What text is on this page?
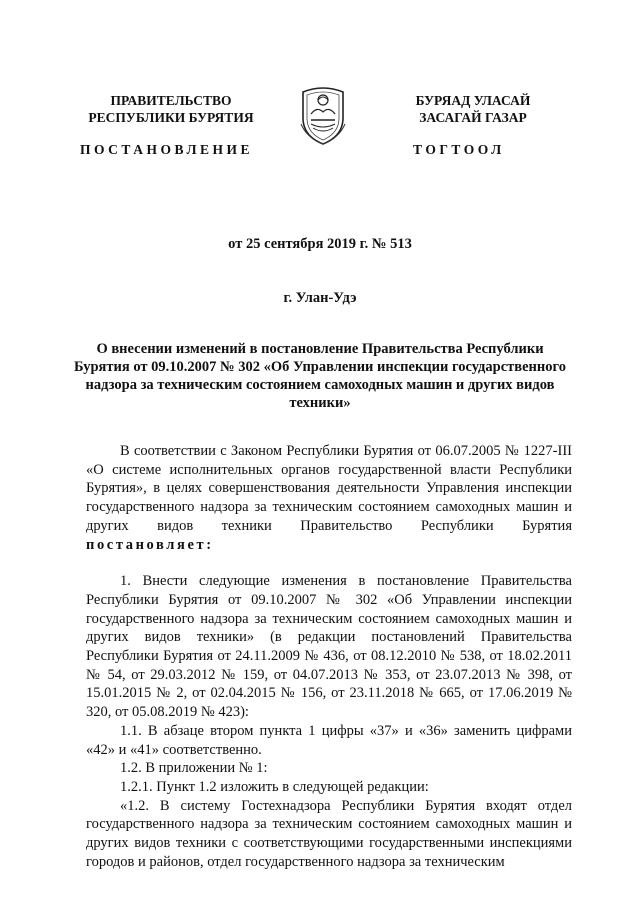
ПРАВИТЕЛЬСТВО
РЕСПУБЛИКИ БУРЯТИЯ
БУРЯАД УЛАСАЙ
ЗАСАГАЙ ГАЗАР
ПОСТАНОВЛЕНИЕ	ТОГТООЛ
от 25 сентября 2019 г. № 513
г. Улан-Удэ
О внесении изменений в постановление Правительства Республики Бурятия от 09.10.2007 № 302 «Об Управлении инспекции государственного надзора за техническим состоянием самоходных машин и других видов техники»

В соответствии с Законом Республики Бурятия от 06.07.2005 № 1227-III «О системе исполнительных органов государственной власти Республики Бурятия», в целях совершенствования деятельности Управления инспекции государственного надзора за техническим состоянием самоходных машин и других видов техники Правительство Республики Бурятия постановляет:

1. Внести следующие изменения в постановление Правительства Республики Бурятия от 09.10.2007 № 302 «Об Управлении инспекции государственного надзора за техническим состоянием самоходных машин и других видов техники» (в редакции постановлений Правительства Республики Бурятия от 24.11.2009 № 436, от 08.12.2010 № 538, от 18.02.2011 № 54, от 29.03.2012 № 159, от 04.07.2013 № 353, от 23.07.2013 № 398, от 15.01.2015 № 2, от 02.04.2015 № 156, от 23.11.2018 № 665, от 17.06.2019 № 320, от 05.08.2019 № 423):

1.1. В абзаце втором пункта 1 цифры «37» и «36» заменить цифрами «42» и «41» соответственно.

1.2. В приложении № 1:

1.2.1. Пункт 1.2 изложить в следующей редакции:

«1.2. В систему Гостехнадзора Республики Бурятия входят отдел государственного надзора за техническим состоянием самоходных машин и других видов техники с соответствующими государственными инспекциями городов и районов, отдел государственного надзора за техническим
